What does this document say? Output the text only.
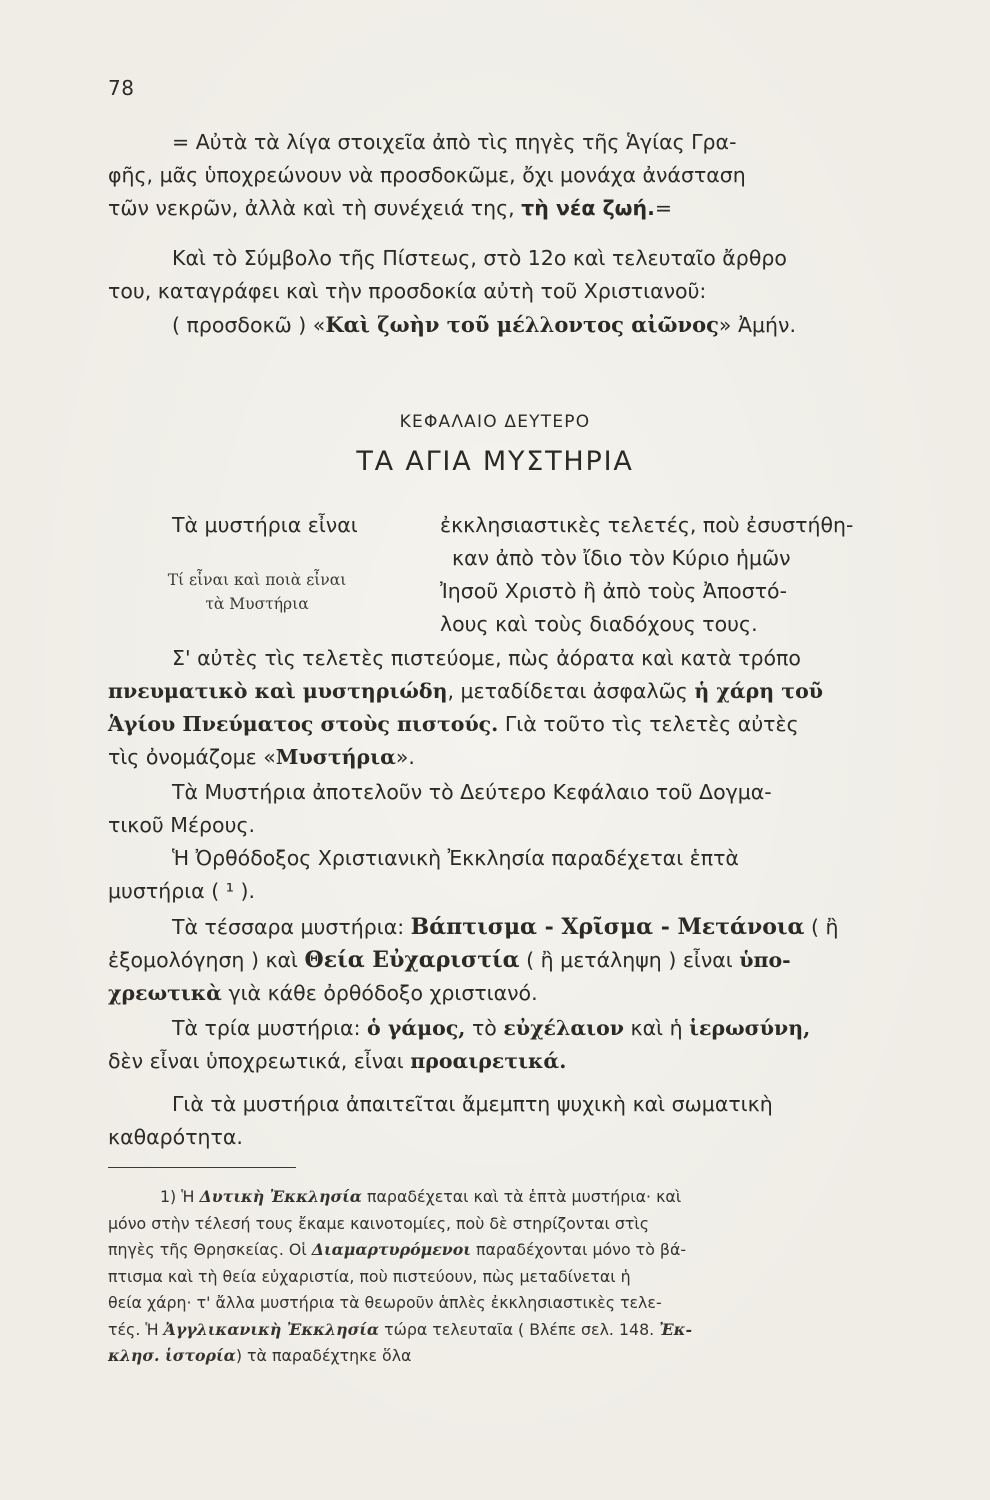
78
= Αὐτὰ τὰ λίγα στοιχεῖα ἀπὸ τὶς πηγὲς τῆς Ἁγίας Γρα-
φῆς, μᾶς ὑποχρεώνουν νὰ προσδοκῶμε, ὄχι μονάχα ἀνάσταση
τῶν νεκρῶν, ἀλλὰ καὶ τὴ συνέχειά της, τὴ νέα ζωή.=
Καὶ τὸ Σύμβολο τῆς Πίστεως, στὸ 12ο καὶ τελευταῖο ἄρθρο
του, καταγράφει καὶ τὴν προσδοκία αὐτὴ τοῦ Χριστιανοῦ:
( προσδοκῶ ) «Καὶ ζωὴν τοῦ μέλλοντος αἰῶνος» Ἀμήν.
ΚΕΦΑΛΑΙΟ ΔΕΥΤΕΡΟ
ΤΑ ΑΓΙΑ ΜΥΣΤΗΡΙΑ
Τὰ μυστήρια εἶναι	ἐκκλησιαστικὲς τελετές, ποὺ ἐσυστήθη-
καν ἀπὸ τὸν ἴδιο τὸν Κύριο ἡμῶν
Ἰησοῦ Χριστὸ ἢ ἀπὸ τοὺς Ἀποστό-
λους καὶ τοὺς διαδόχους τους.
Τί εἶναι καὶ ποιὰ εἶναι
τὰ Μυστήρια
Σ' αὐτὲς τὶς τελετὲς πιστεύομε, πὼς ἀόρατα καὶ κατὰ τρόπο
πνευματικὸ καὶ μυστηριώδη, μεταδίδεται ἀσφαλῶς ἡ χάρη τοῦ
Ἁγίου Πνεύματος στοὺς πιστούς. Γιὰ τοῦτο τὶς τελετὲς αὐτὲς
τὶς ὀνομάζομε «Μυστήρια».
Τὰ Μυστήρια ἀποτελοῦν τὸ Δεύτερο Κεφάλαιο τοῦ Δογμα-
τικοῦ Μέρους.
Ἡ Ὀρθόδοξος Χριστιανικὴ Ἐκκλησία παραδέχεται ἑπτὰ
μυστήρια ( ¹ ).
Τὰ τέσσαρα μυστήρια: Βάπτισμα - Χρῖσμα - Μετάνοια ( ἢ
ἐξομολόγηση ) καὶ Θεία Εὐχαριστία ( ἢ μετάληψη ) εἶναι ὑπο-
χρεωτικὰ γιὰ κάθε ὀρθόδοξο χριστιανό.
Τὰ τρία μυστήρια: ὁ γάμος, τὸ εὐχέλαιον καὶ ἡ ἱερωσύνη,
δὲν εἶναι ὑποχρεωτικά, εἶναι προαιρετικά.
Γιὰ τὰ μυστήρια ἀπαιτεῖται ἄμεμπτη ψυχικὴ καὶ σωματικὴ
καθαρότητα.
1) Ἡ Δυτικὴ Ἐκκλησία παραδέχεται καὶ τὰ ἑπτὰ μυστήρια· καὶ
μόνο στὴν τέλεσή τους ἔκαμε καινοτομίες, ποὺ δὲ στηρίζονται στὶς
πηγὲς τῆς Θρησκείας. Οἱ Διαμαρτυρόμενοι παραδέχονται μόνο τὸ βά-
πτισμα καὶ τὴ θεία εὐχαριστία, ποὺ πιστεύουν, πὼς μεταδίνεται ἡ
θεία χάρη· τ' ἄλλα μυστήρια τὰ θεωροῦν ἁπλὲς ἐκκλησιαστικὲς τελε-
τές. Ἡ Ἀγγλικανικὴ Ἐκκλησία τώρα τελευταῖα ( Βλέπε σελ. 148. Ἐκ-
κλησ. ἱστορία) τὰ παραδέχτηκε ὅλα
